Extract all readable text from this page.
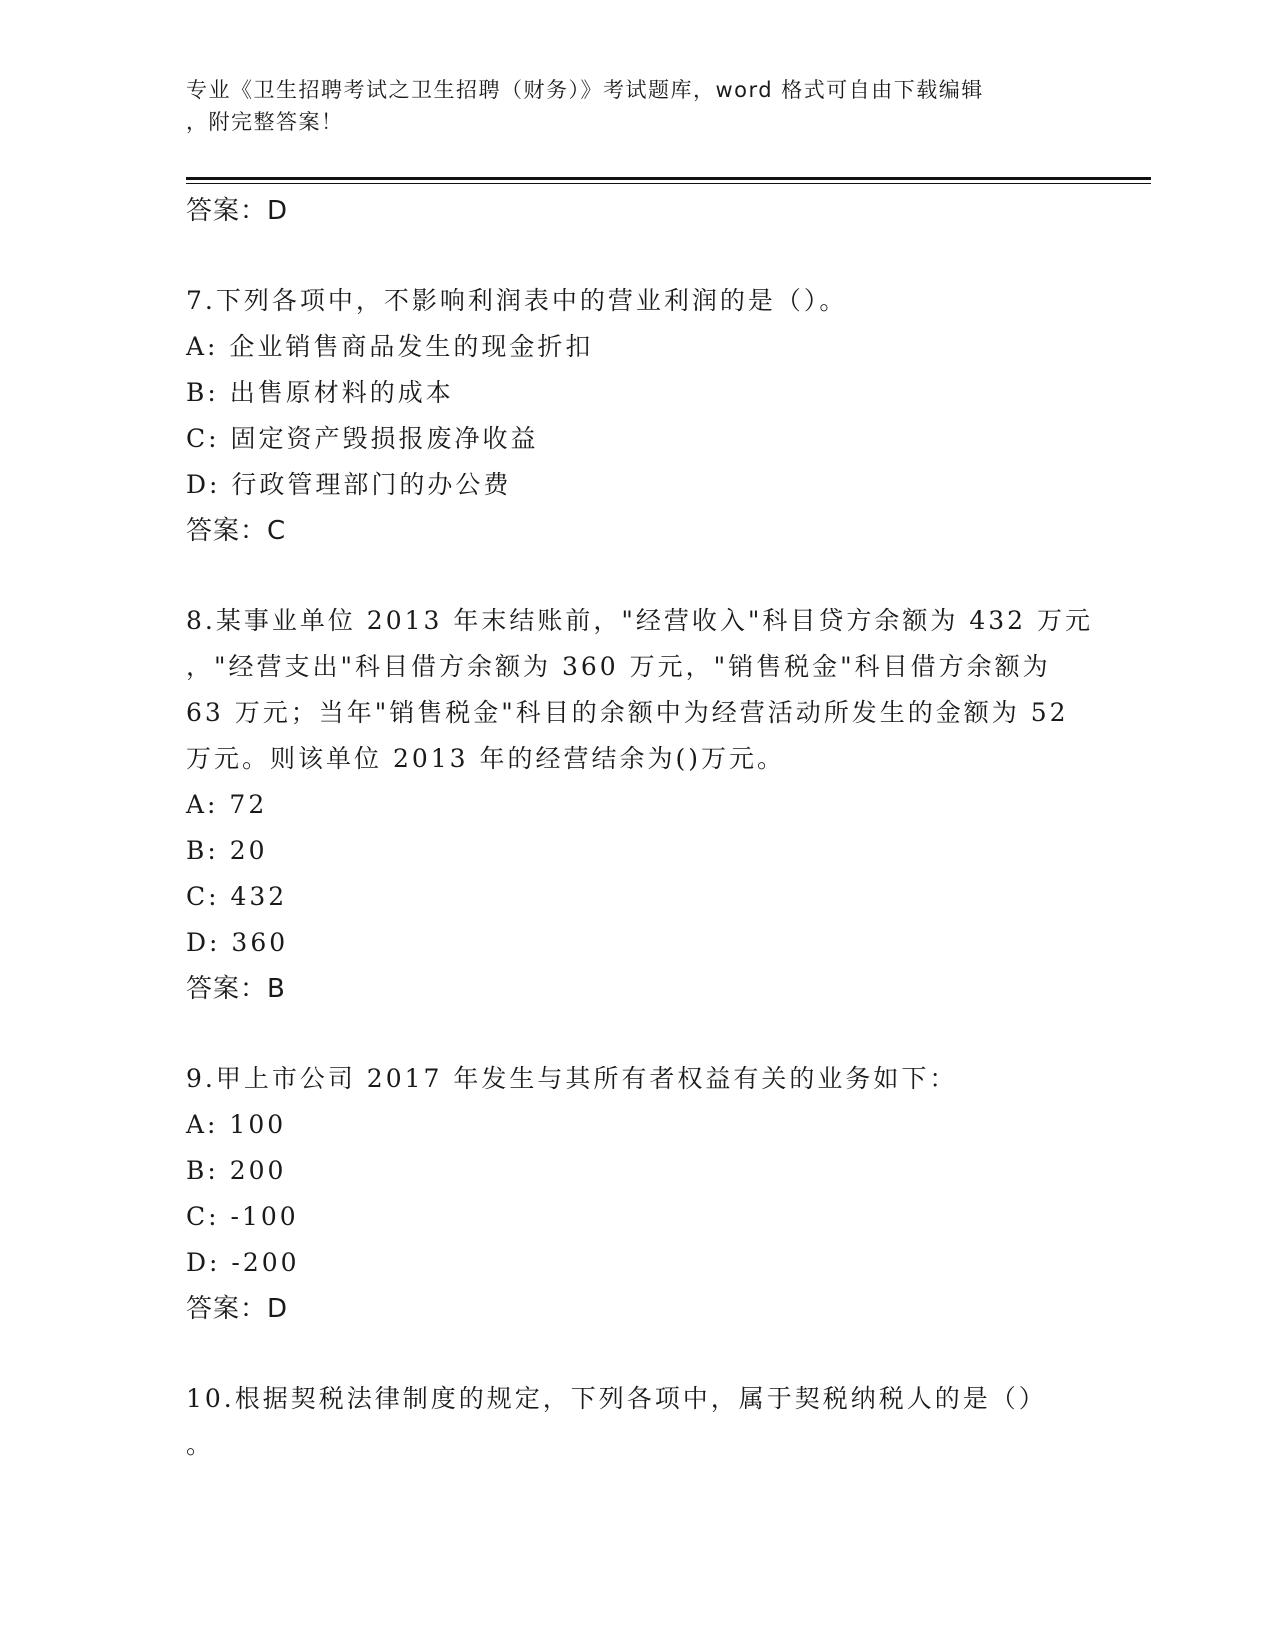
专业《卫生招聘考试之卫生招聘（财务）》考试题库，word 格式可自由下载编辑
，附完整答案！
答案：D
7.下列各项中，不影响利润表中的营业利润的是（）。
A: 企业销售商品发生的现金折扣
B: 出售原材料的成本
C: 固定资产毁损报废净收益
D: 行政管理部门的办公费
答案：C
8.某事业单位 2013 年末结账前，"经营收入"科目贷方余额为 432 万元
，"经营支出"科目借方余额为 360 万元，"销售税金"科目借方余额为
63 万元；当年"销售税金"科目的余额中为经营活动所发生的金额为 52
万元。则该单位 2013 年的经营结余为()万元。
A: 72
B: 20
C: 432
D: 360
答案：B
9.甲上市公司 2017 年发生与其所有者权益有关的业务如下：
A: 100
B: 200
C: -100
D: -200
答案：D
10.根据契税法律制度的规定，下列各项中，属于契税纳税人的是（）
。
